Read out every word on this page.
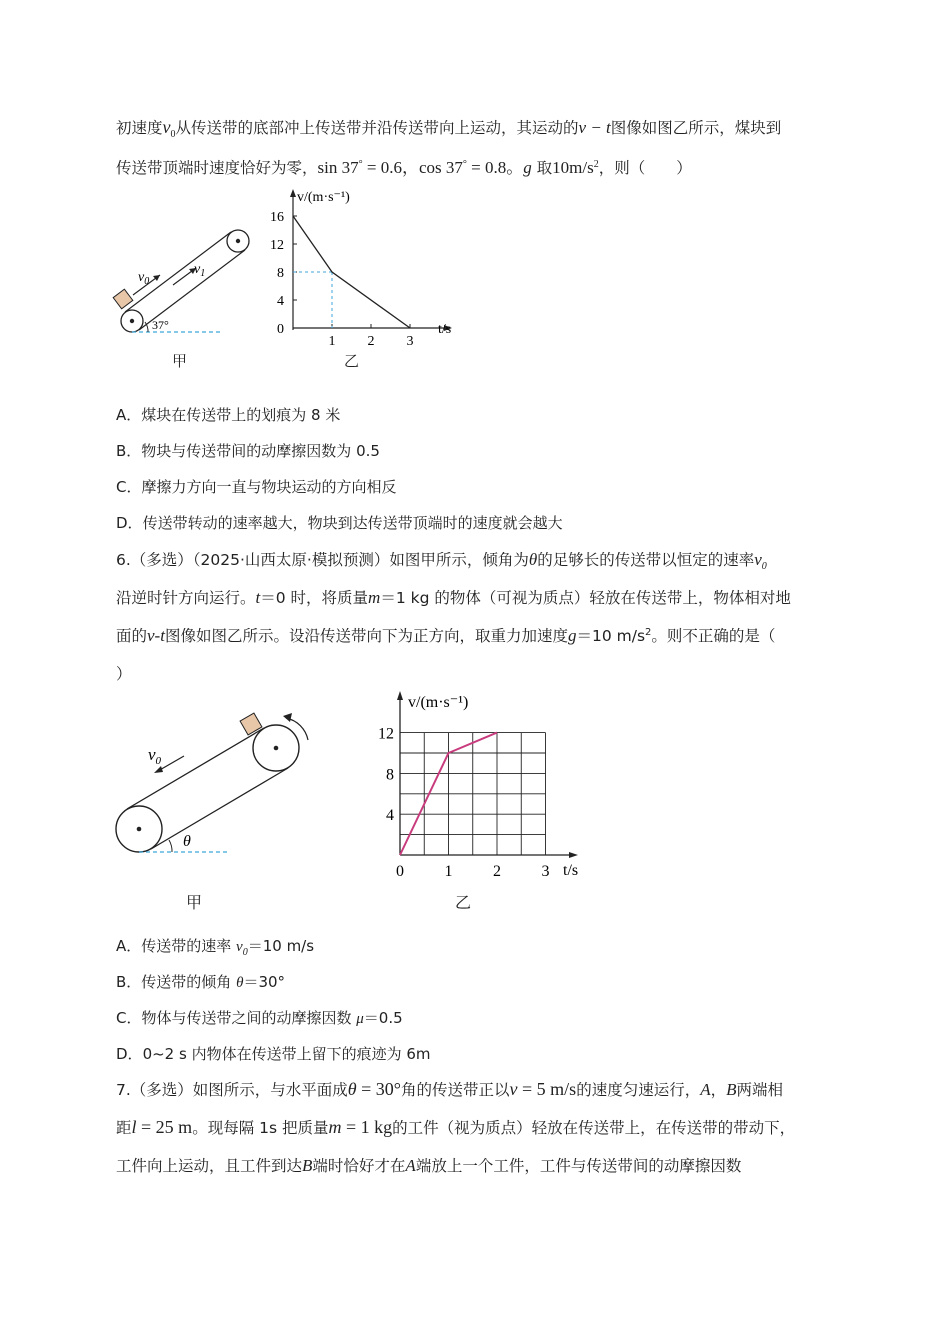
初速度$v_0$从传送带的底部冲上传送带并沿传送带向上运动，其运动的v − t图像如图乙所示，煤块到
传送带顶端时速度恰好为零，sin 37° = 0.6，cos 37° = 0.8。g 取$10m/s^2$，则（　　）
$v_0$
$v_1$
37°
甲
v/(m·s⁻¹)
t/s
16
12
8
4
0
1 2 3
乙
A．煤块在传送带上的划痕为 8 米
B．物块与传送带间的动摩擦因数为 0.5
C．摩擦力方向一直与物块运动的方向相反
D．传送带转动的速率越大，物块到达传送带顶端时的速度就会越大
6.（多选）（2025·山西太原·模拟预测）如图甲所示，倾角为θ的足够长的传送带以恒定的速率$v_0$
沿逆时针方向运行。t＝0 时，将质量m＝1 kg 的物体（可视为质点）轻放在传送带上，物体相对地
面的v-t图像如图乙所示。设沿传送带向下为正方向，取重力加速度g＝10 $m/s^2$。则不正确的是（
）
$v_0$
θ
甲
v/(m·s⁻¹)
t/s
12
8
4
0	1	2	3
乙
A．传送带的速率 $v_0=10$ m/s
B．传送带的倾角 θ＝30°
C．物体与传送带之间的动摩擦因数 μ＝0.5
D．0~2 s 内物体在传送带上留下的痕迹为 6m
7.（多选）如图所示，与水平面成θ = 30°角的传送带正以v = 5 m/s的速度匀速运行，A，B两端相
距l = 25 m。现每隔 1s 把质量m = 1 kg的工件（视为质点）轻放在传送带上，在传送带的带动下，
工件向上运动，且工件到达B端时恰好才在A端放上一个工件，工件与传送带间的动摩擦因数
